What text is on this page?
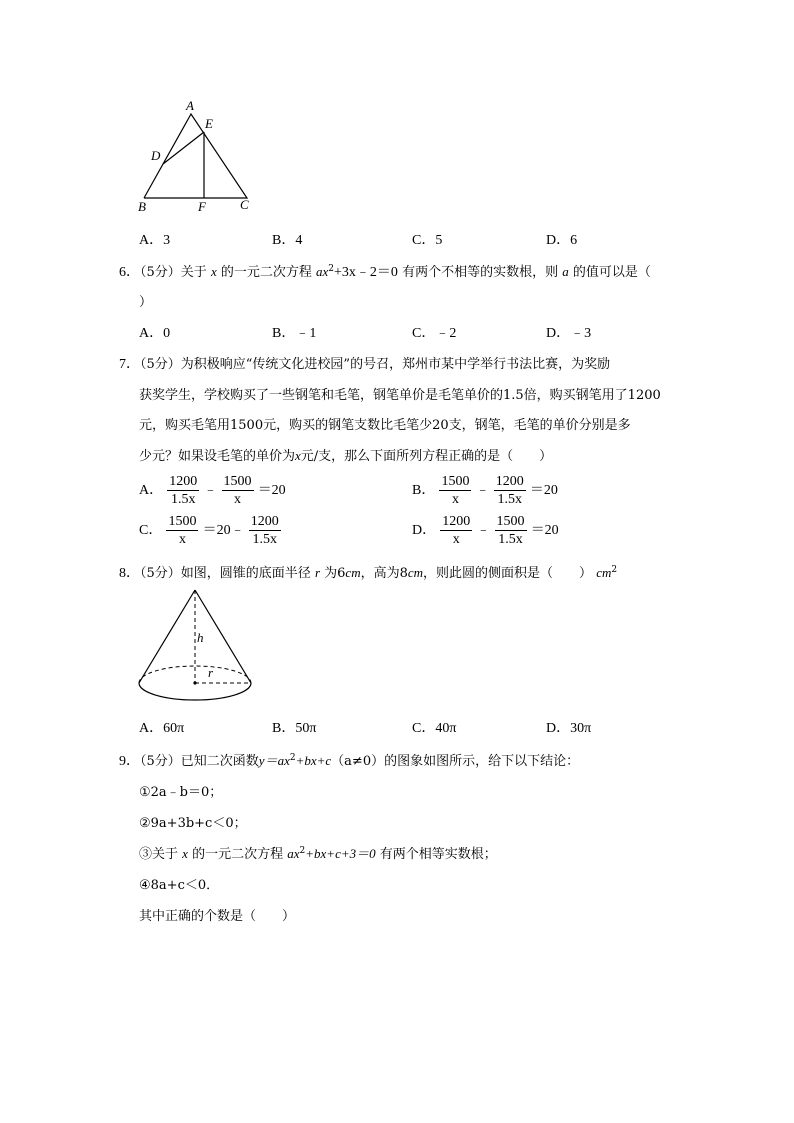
A
E
D
B	F	C
A．3	B．4	C．5	D．6
6．（5分）关于 x 的一元二次方程 $ax^2+3x﹣2=0$ 有两个不相等的实数根，则 a 的值可以是（
）
A．0	B．﹣1	C．﹣2	D．﹣3
7．（5分）为积极响应“传统文化进校园”的号召，郑州市某中学举行书法比赛，为奖励
获奖学生，学校购买了一些钢笔和毛笔，钢笔单价是毛笔单价的1.5倍，购买钢笔用了1200
元，购买毛笔用1500元，购买的钢笔支数比毛笔少20支，钢笔，毛笔的单价分别是多
少元？如果设毛笔的单价为x元/支，那么下面所列方程正确的是（　　）
A． $\frac{1200}{1.5x}$ ﹣ $\frac{1500}{x} =20$	B． $\frac{1500}{x}$ ﹣ $\frac{1200}{1.5x} =20$
C． $\frac{1500}{x}$ ＝20﹣ $\frac{1200}{1.5x}$	D． $\frac{1200}{x}$ ﹣ $\frac{1500}{1.5x} =20$
8．（5分）如图，圆锥的底面半径 r 为6cm，高为8cm，则此圆的侧面积是（　　） $cm^2$
h
r
A．60π	B．50π	C．40π	D．30π
9．（5分）已知二次函数$y=ax^2+bx+c(a\ne 0)$的图象如图所示，给下以下结论：
①2a﹣b＝0；
②9a+3b+c＜0；
③关于 x 的一元二次方程 $ax^2+bx+c+3=0$ 有两个相等实数根；
④8a+c＜0．
其中正确的个数是（　　）
